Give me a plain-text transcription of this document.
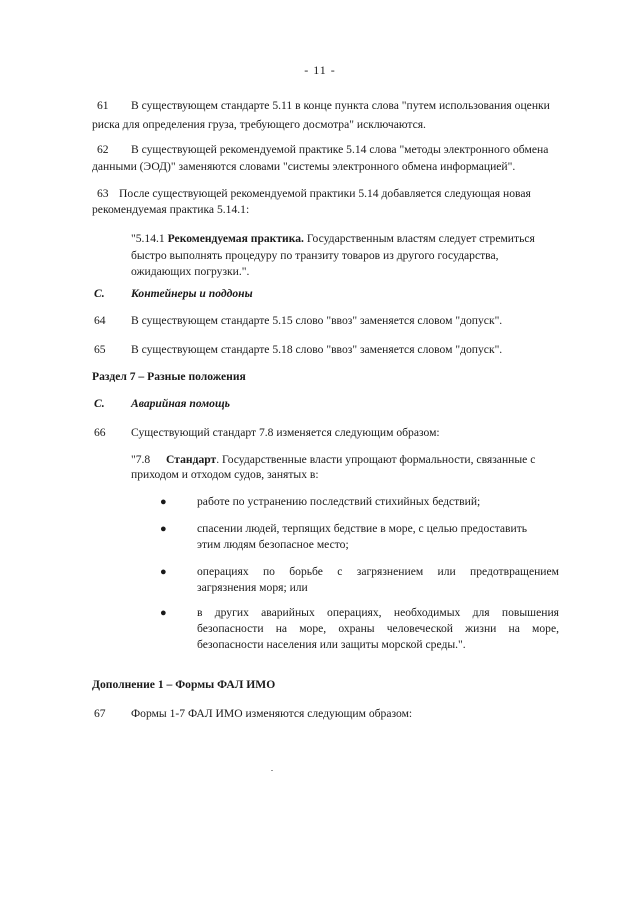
- 11 -
61 В существующем стандарте 5.11 в конце пункта слова "путем использования оценки
риска для определения груза, требующего досмотра" исключаются.
62 В существующей рекомендуемой практике 5.14 слова "методы электронного обмена
данными (ЭОД)" заменяются словами "системы электронного обмена информацией".
63 После существующей рекомендуемой практики 5.14 добавляется следующая новая
рекомендуемая практика 5.14.1:
"5.14.1 Рекомендуемая практика. Государственным властям следует стремиться
быстро выполнять процедуру по транзиту товаров из другого государства,
ожидающих погрузки.".
C. Контейнеры и поддоны
64 В существующем стандарте 5.15 слово "ввоз" заменяется словом "допуск".
65 В существующем стандарте 5.18 слово "ввоз" заменяется словом "допуск".
Раздел 7 – Разные положения
C. Аварийная помощь
66 Существующий стандарт 7.8 изменяется следующим образом:
"7.8 Стандарт. Государственные власти упрощают формальности, связанные с
приходом и отходом судов, занятых в:
●	работе по устранению последствий стихийных бедствий;
●	спасении людей, терпящих бедствие в море, с целью предоставить
этим людям безопасное место;
●	операциях по борьбе с загрязнением или предотвращением
загрязнения моря; или
●	в других аварийных операциях, необходимых для повышения
безопасности на море, охраны человеческой жизни на море,
безопасности населения или защиты морской среды.".
Дополнение 1 – Формы ФАЛ ИМО
67 Формы 1-7 ФАЛ ИМО изменяются следующим образом:
